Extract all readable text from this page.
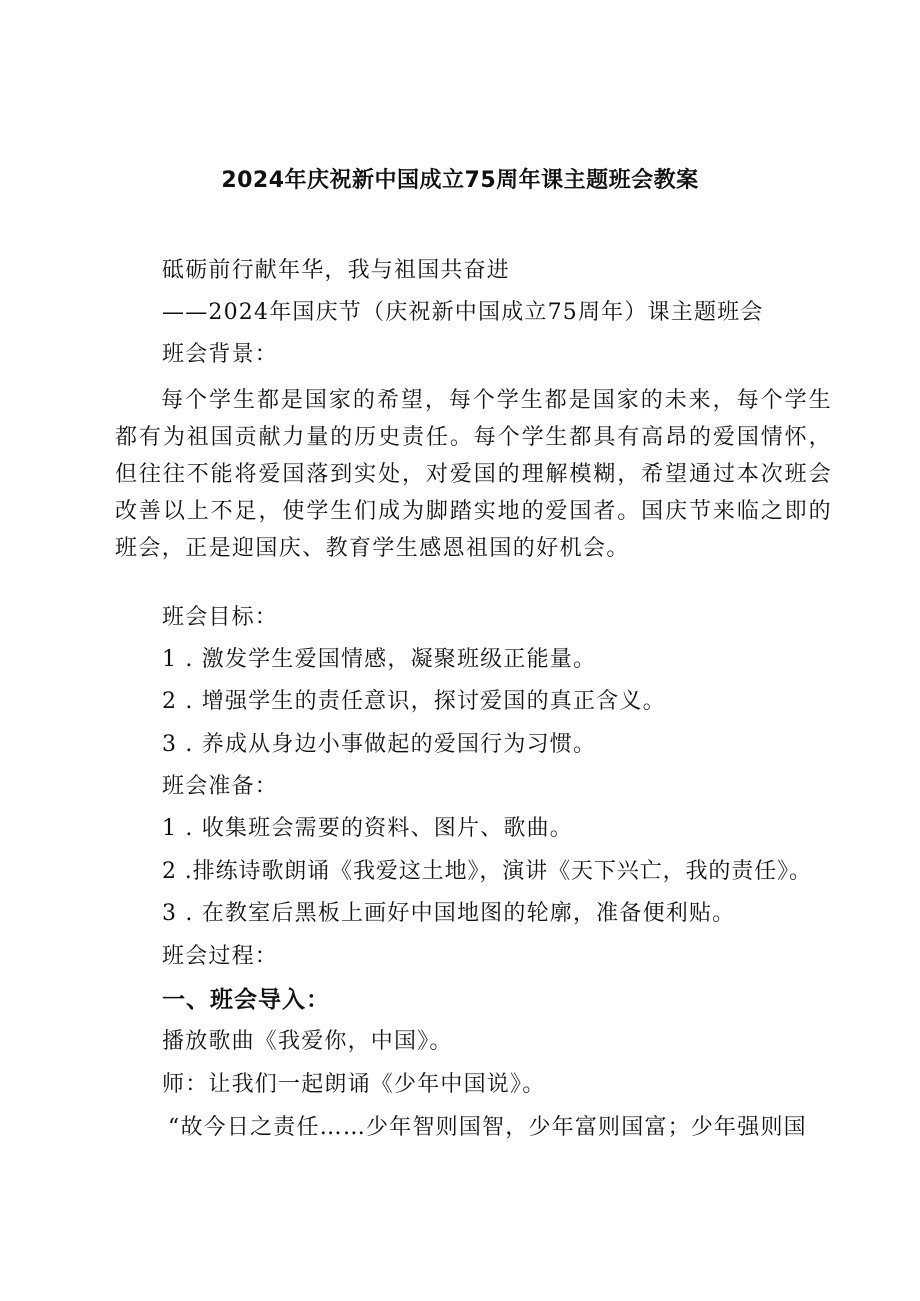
2024年庆祝新中国成立75周年课主题班会教案
砥砺前行献年华，我与祖国共奋进
——2024年国庆节（庆祝新中国成立75周年）课主题班会
班会背景：
每个学生都是国家的希望，每个学生都是国家的未来，每个学生都有为祖国贡献力量的历史责任。每个学生都具有高昂的爱国情怀，但往往不能将爱国落到实处，对爱国的理解模糊，希望通过本次班会改善以上不足，使学生们成为脚踏实地的爱国者。国庆节来临之即的班会，正是迎国庆、教育学生感恩祖国的好机会。
班会目标：
1 . 激发学生爱国情感，凝聚班级正能量。
2 . 增强学生的责任意识，探讨爱国的真正含义。
3 . 养成从身边小事做起的爱国行为习惯。
班会准备：
1 . 收集班会需要的资料、图片、歌曲。
2 .排练诗歌朗诵《我爱这土地》，演讲《天下兴亡，我的责任》。
3 . 在教室后黑板上画好中国地图的轮廓，准备便利贴。
班会过程：
一、班会导入：
播放歌曲《我爱你，中国》。
师：让我们一起朗诵《少年中国说》。
“故今日之责任……少年智则国智，少年富则国富；少年强则国
